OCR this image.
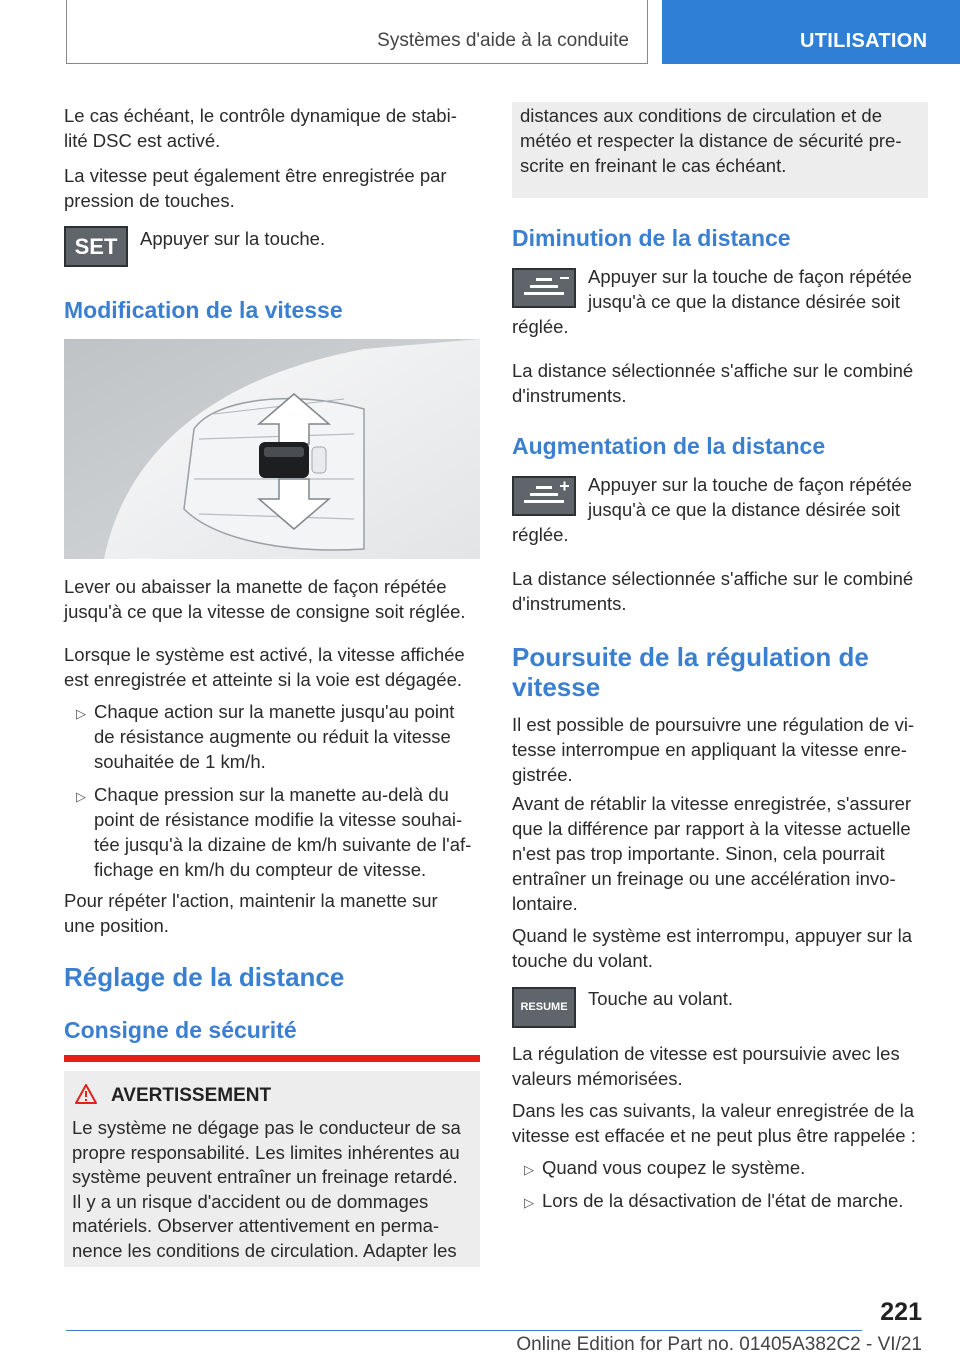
Systèmes d'aide à la conduite	UTILISATION
Le cas échéant, le contrôle dynamique de stabi-
lité DSC est activé.
La vitesse peut également être enregistrée par
pression de touches.
SET	Appuyer sur la touche.
Modification de la vitesse
Lever ou abaisser la manette de façon répétée
jusqu'à ce que la vitesse de consigne soit réglée.
Lorsque le système est activé, la vitesse affichée
est enregistrée et atteinte si la voie est dégagée.
▷ Chaque action sur la manette jusqu'au point
de résistance augmente ou réduit la vitesse
souhaitée de 1 km/h.
▷ Chaque pression sur la manette au-delà du
point de résistance modifie la vitesse souhai-
tée jusqu'à la dizaine de km/h suivante de l'af-
fichage en km/h du compteur de vitesse.
Pour répéter l'action, maintenir la manette sur
une position.
Réglage de la distance
Consigne de sécurité
AVERTISSEMENT
Le système ne dégage pas le conducteur de sa
propre responsabilité. Les limites inhérentes au
système peuvent entraîner un freinage retardé.
Il y a un risque d'accident ou de dommages
matériels. Observer attentivement en perma-
nence les conditions de circulation. Adapter les
distances aux conditions de circulation et de
météo et respecter la distance de sécurité pre-
scrite en freinant le cas échéant.
Diminution de la distance
Appuyer sur la touche de façon répétée
jusqu'à ce que la distance désirée soit
réglée.
La distance sélectionnée s'affiche sur le combiné
d'instruments.
Augmentation de la distance
Appuyer sur la touche de façon répétée
jusqu'à ce que la distance désirée soit
réglée.
La distance sélectionnée s'affiche sur le combiné
d'instruments.
Poursuite de la régulation de
vitesse
Il est possible de poursuivre une régulation de vi-
tesse interrompue en appliquant la vitesse enre-
gistrée.
Avant de rétablir la vitesse enregistrée, s'assurer
que la différence par rapport à la vitesse actuelle
n'est pas trop importante. Sinon, cela pourrait
entraîner un freinage ou une accélération invo-
lontaire.
Quand le système est interrompu, appuyer sur la
touche du volant.
RESUME	Touche au volant.
La régulation de vitesse est poursuivie avec les
valeurs mémorisées.
Dans les cas suivants, la valeur enregistrée de la
vitesse est effacée et ne peut plus être rappelée :
▷ Quand vous coupez le système.
▷ Lors de la désactivation de l'état de marche.
221
Online Edition for Part no. 01405A382C2 - VI/21
